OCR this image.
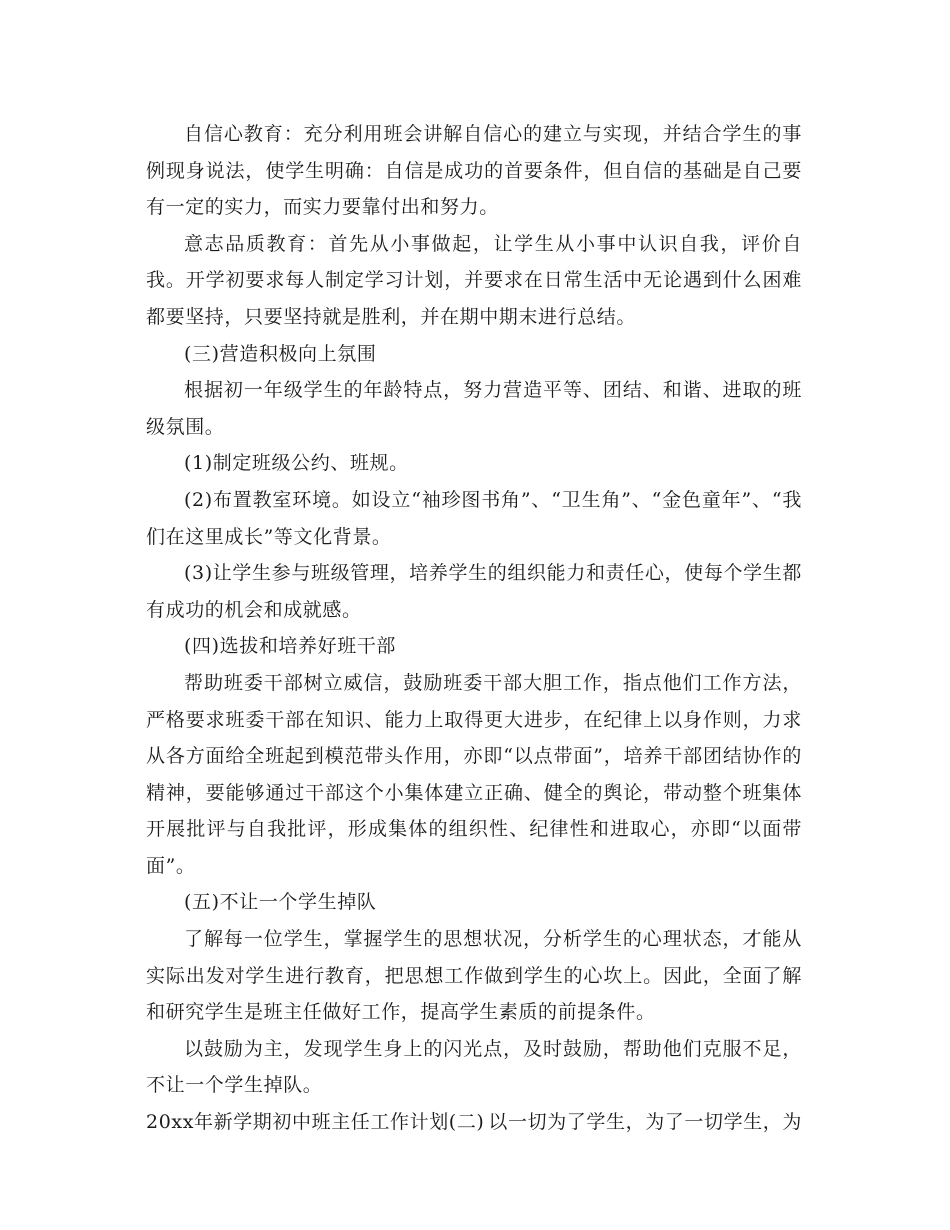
自信心教育：充分利用班会讲解自信心的建立与实现，并结合学生的事例现身说法，使学生明确：自信是成功的首要条件，但自信的基础是自己要有一定的实力，而实力要靠付出和努力。

意志品质教育：首先从小事做起，让学生从小事中认识自我，评价自我。开学初要求每人制定学习计划，并要求在日常生活中无论遇到什么困难都要坚持，只要坚持就是胜利，并在期中期末进行总结。

(三)营造积极向上氛围

根据初一年级学生的年龄特点，努力营造平等、团结、和谐、进取的班级氛围。

(1)制定班级公约、班规。

(2)布置教室环境。如设立“袖珍图书角”、“卫生角”、“金色童年”、“我们在这里成长”等文化背景。

(3)让学生参与班级管理，培养学生的组织能力和责任心，使每个学生都有成功的机会和成就感。

(四)选拔和培养好班干部

帮助班委干部树立威信，鼓励班委干部大胆工作，指点他们工作方法，严格要求班委干部在知识、能力上取得更大进步，在纪律上以身作则，力求从各方面给全班起到模范带头作用，亦即“以点带面”，培养干部团结协作的精神，要能够通过干部这个小集体建立正确、健全的舆论，带动整个班集体开展批评与自我批评，形成集体的组织性、纪律性和进取心，亦即“以面带面”。

(五)不让一个学生掉队

了解每一位学生，掌握学生的思想状况，分析学生的心理状态，才能从实际出发对学生进行教育，把思想工作做到学生的心坎上。因此，全面了解和研究学生是班主任做好工作，提高学生素质的前提条件。

以鼓励为主，发现学生身上的闪光点，及时鼓励，帮助他们克服不足，不让一个学生掉队。

20xx年新学期初中班主任工作计划(二) 以一切为了学生，为了一切学生，为
